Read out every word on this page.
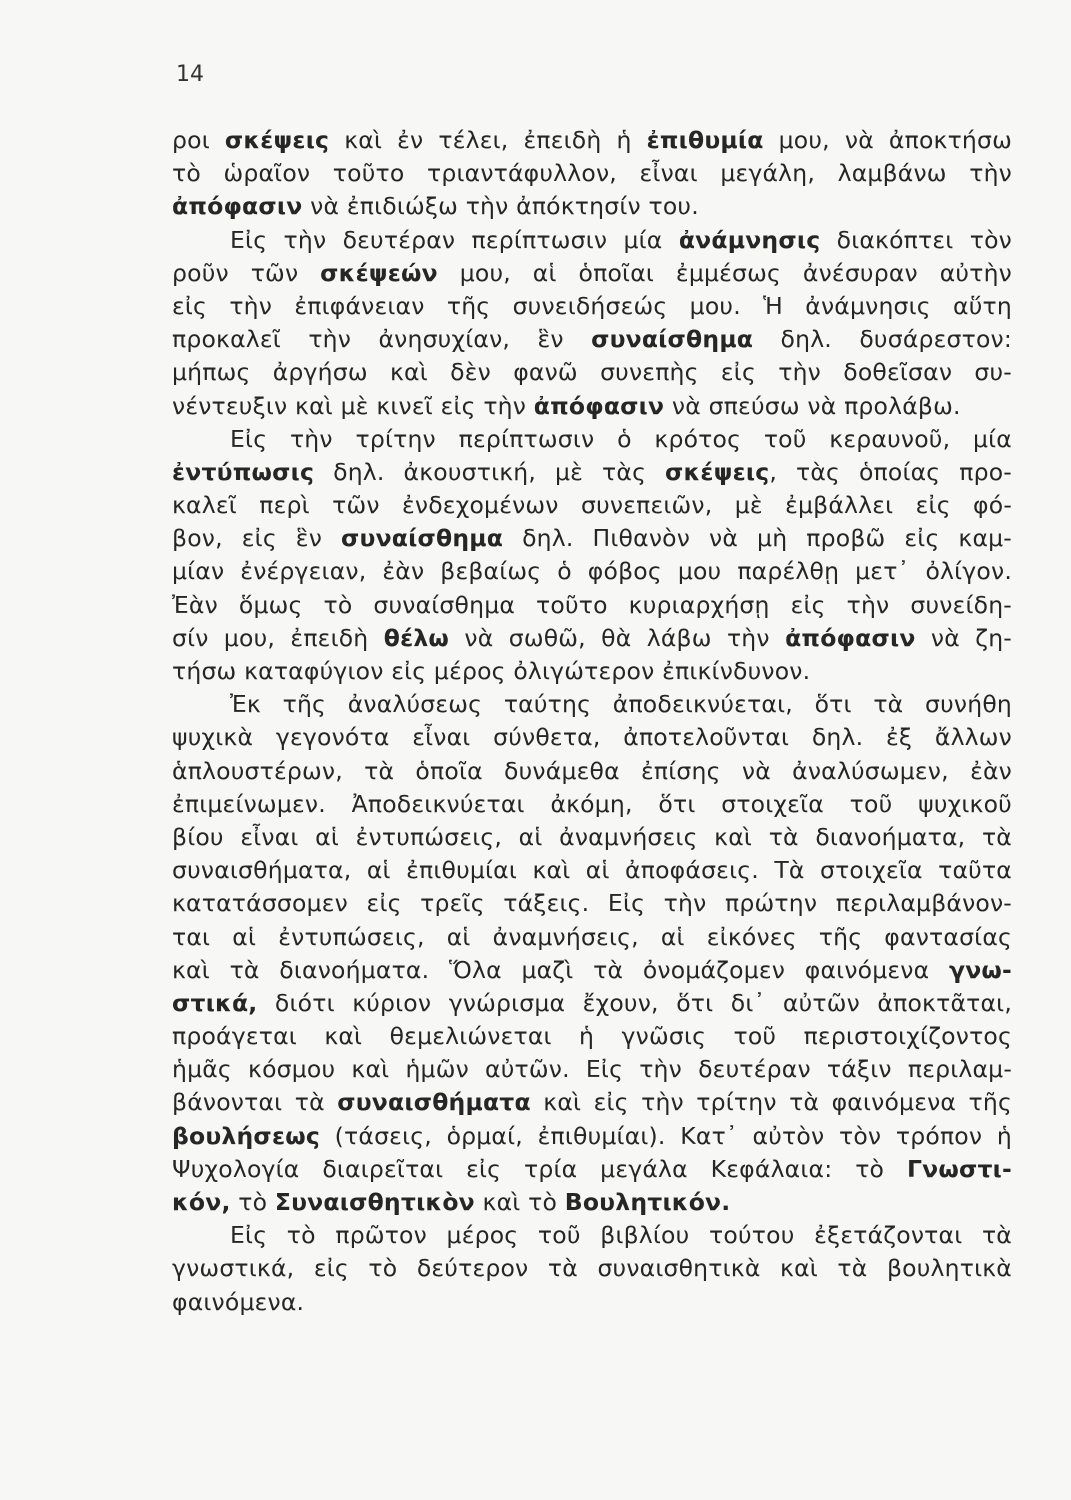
14
ροι σκέψεις καὶ ἐν τέλει, ἐπειδὴ ἡ ἐπιθυμία μου, νὰ ἀποκτήσω
τὸ ὡραῖον τοῦτο τριαντάφυλλον, εἶναι μεγάλη, λαμβάνω τὴν
ἀπόφασιν νὰ ἐπιδιώξω τὴν ἀπόκτησίν του.
Εἰς τὴν δευτέραν περίπτωσιν μία ἀνάμνησις διακόπτει τὸν
ροῦν τῶν σκέψεών μου, αἱ ὁποῖαι ἐμμέσως ἀνέσυραν αὐτὴν
εἰς τὴν ἐπιφάνειαν τῆς συνειδήσεώς μου. Ἡ ἀνάμνησις αὕτη
προκαλεῖ τὴν ἀνησυχίαν, ἓν συναίσθημα δηλ. δυσάρεστον:
μήπως ἀργήσω καὶ δὲν φανῶ συνεπὴς εἰς τὴν δοθεῖσαν συ-
νέντευξιν καὶ μὲ κινεῖ εἰς τὴν ἀπόφασιν νὰ σπεύσω νὰ προλάβω.
Εἰς τὴν τρίτην περίπτωσιν ὁ κρότος τοῦ κεραυνοῦ, μία
ἐντύπωσις δηλ. ἀκουστική, μὲ τὰς σκέψεις, τὰς ὁποίας προ-
καλεῖ περὶ τῶν ἐνδεχομένων συνεπειῶν, μὲ ἐμβάλλει εἰς φό-
βον, εἰς ἓν συναίσθημα δηλ. Πιθανὸν νὰ μὴ προβῶ εἰς καμ-
μίαν ἐνέργειαν, ἐὰν βεβαίως ὁ φόβος μου παρέλθῃ μετ᾿ ὀλίγον.
Ἐὰν ὅμως τὸ συναίσθημα τοῦτο κυριαρχήσῃ εἰς τὴν συνείδη-
σίν μου, ἐπειδὴ θέλω νὰ σωθῶ, θὰ λάβω τὴν ἀπόφασιν νὰ ζη-
τήσω καταφύγιον εἰς μέρος ὀλιγώτερον ἐπικίνδυνον.
Ἐκ τῆς ἀναλύσεως ταύτης ἀποδεικνύεται, ὅτι τὰ συνήθη
ψυχικὰ γεγονότα εἶναι σύνθετα, ἀποτελοῦνται δηλ. ἐξ ἄλλων
ἁπλουστέρων, τὰ ὁποῖα δυνάμεθα ἐπίσης νὰ ἀναλύσωμεν, ἐὰν
ἐπιμείνωμεν. Ἀποδεικνύεται ἀκόμη, ὅτι στοιχεῖα τοῦ ψυχικοῦ
βίου εἶναι αἱ ἐντυπώσεις, αἱ ἀναμνήσεις καὶ τὰ διανοήματα, τὰ
συναισθήματα, αἱ ἐπιθυμίαι καὶ αἱ ἀποφάσεις. Τὰ στοιχεῖα ταῦτα
κατατάσσομεν εἰς τρεῖς τάξεις. Εἰς τὴν πρώτην περιλαμβάνον-
ται αἱ ἐντυπώσεις, αἱ ἀναμνήσεις, αἱ εἰκόνες τῆς φαντασίας
καὶ τὰ διανοήματα. Ὅλα μαζὶ τὰ ὀνομάζομεν φαινόμενα γνω-
στικά, διότι κύριον γνώρισμα ἔχουν, ὅτι δι᾿ αὐτῶν ἀποκτᾶται,
προάγεται καὶ θεμελιώνεται ἡ γνῶσις τοῦ περιστοιχίζοντος
ἡμᾶς κόσμου καὶ ἡμῶν αὐτῶν. Εἰς τὴν δευτέραν τάξιν περιλαμ-
βάνονται τὰ συναισθήματα καὶ εἰς τὴν τρίτην τὰ φαινόμενα τῆς
βουλήσεως (τάσεις, ὁρμαί, ἐπιθυμίαι). Κατ᾿ αὐτὸν τὸν τρόπον ἡ
Ψυχολογία διαιρεῖται εἰς τρία μεγάλα Κεφάλαια: τὸ Γνωστι-
κόν, τὸ Συναισθητικὸν καὶ τὸ Βουλητικόν.
Εἰς τὸ πρῶτον μέρος τοῦ βιβλίου τούτου ἐξετάζονται τὰ
γνωστικά, εἰς τὸ δεύτερον τὰ συναισθητικὰ καὶ τὰ βουλητικὰ
φαινόμενα.
